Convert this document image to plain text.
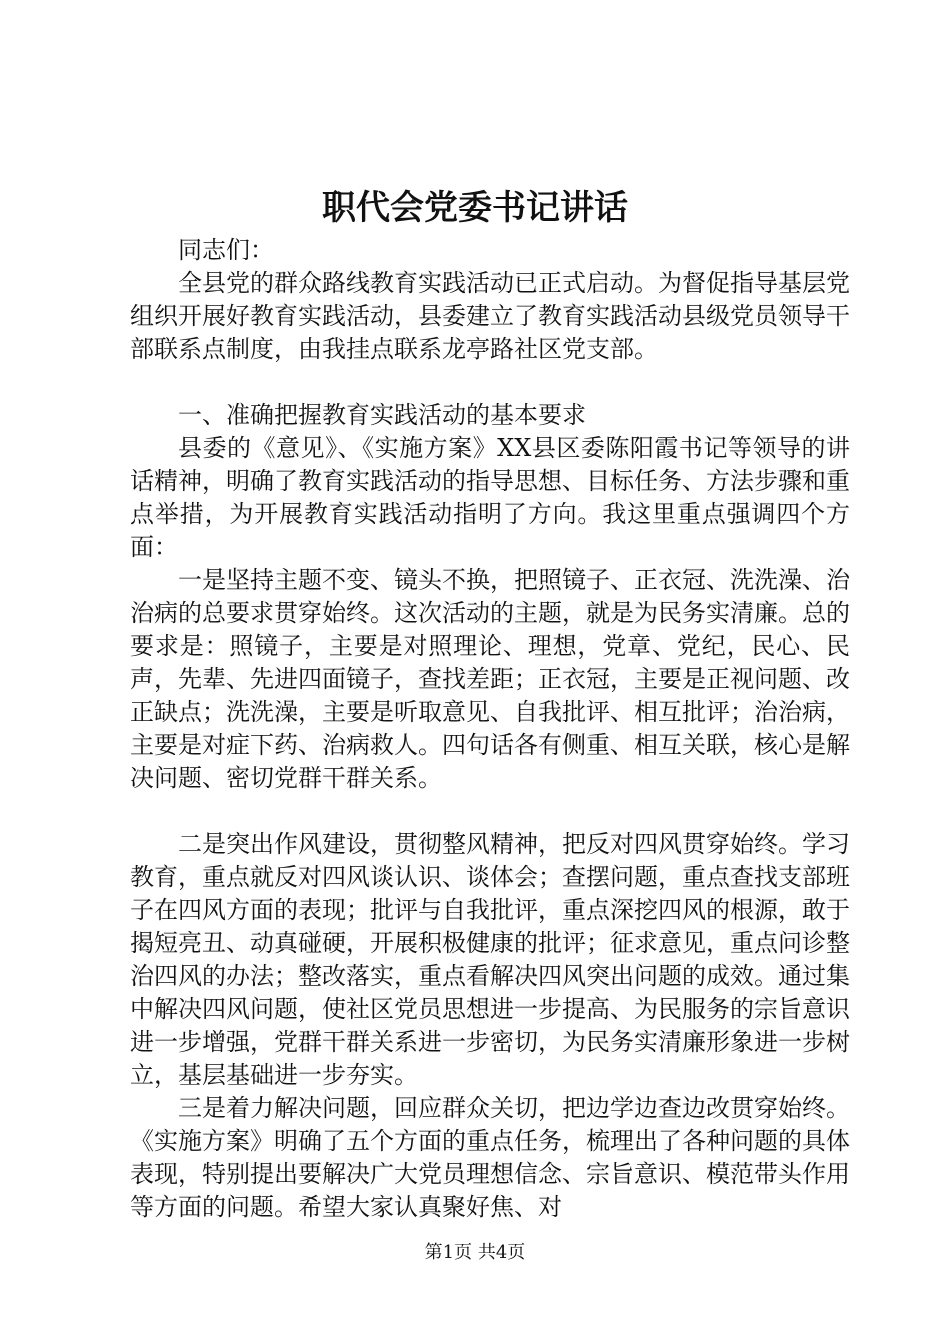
职代会党委书记讲话

同志们：

全县党的群众路线教育实践活动已正式启动。为督促指导基层党组织开展好教育实践活动，县委建立了教育实践活动县级党员领导干部联系点制度，由我挂点联系龙亭路社区党支部。

一、准确把握教育实践活动的基本要求

县委的《意见》、《实施方案》XX县区委陈阳霞书记等领导的讲话精神，明确了教育实践活动的指导思想、目标任务、方法步骤和重点举措，为开展教育实践活动指明了方向。我这里重点强调四个方面：

一是坚持主题不变、镜头不换，把照镜子、正衣冠、洗洗澡、治治病的总要求贯穿始终。这次活动的主题，就是为民务实清廉。总的要求是：照镜子，主要是对照理论、理想，党章、党纪，民心、民声，先辈、先进四面镜子，查找差距；正衣冠，主要是正视问题、改正缺点；洗洗澡，主要是听取意见、自我批评、相互批评；治治病，主要是对症下药、治病救人。四句话各有侧重、相互关联，核心是解决问题、密切党群干群关系。

二是突出作风建设，贯彻整风精神，把反对四风贯穿始终。学习教育，重点就反对四风谈认识、谈体会；查摆问题，重点查找支部班子在四风方面的表现；批评与自我批评，重点深挖四风的根源，敢于揭短亮丑、动真碰硬，开展积极健康的批评；征求意见，重点问诊整治四风的办法；整改落实，重点看解决四风突出问题的成效。通过集中解决四风问题，使社区党员思想进一步提高、为民服务的宗旨意识进一步增强，党群干群关系进一步密切，为民务实清廉形象进一步树立，基层基础进一步夯实。

三是着力解决问题，回应群众关切，把边学边查边改贯穿始终。《实施方案》明确了五个方面的重点任务，梳理出了各种问题的具体表现，特别提出要解决广大党员理想信念、宗旨意识、模范带头作用等方面的问题。希望大家认真聚好焦、对

第1页 共4页
